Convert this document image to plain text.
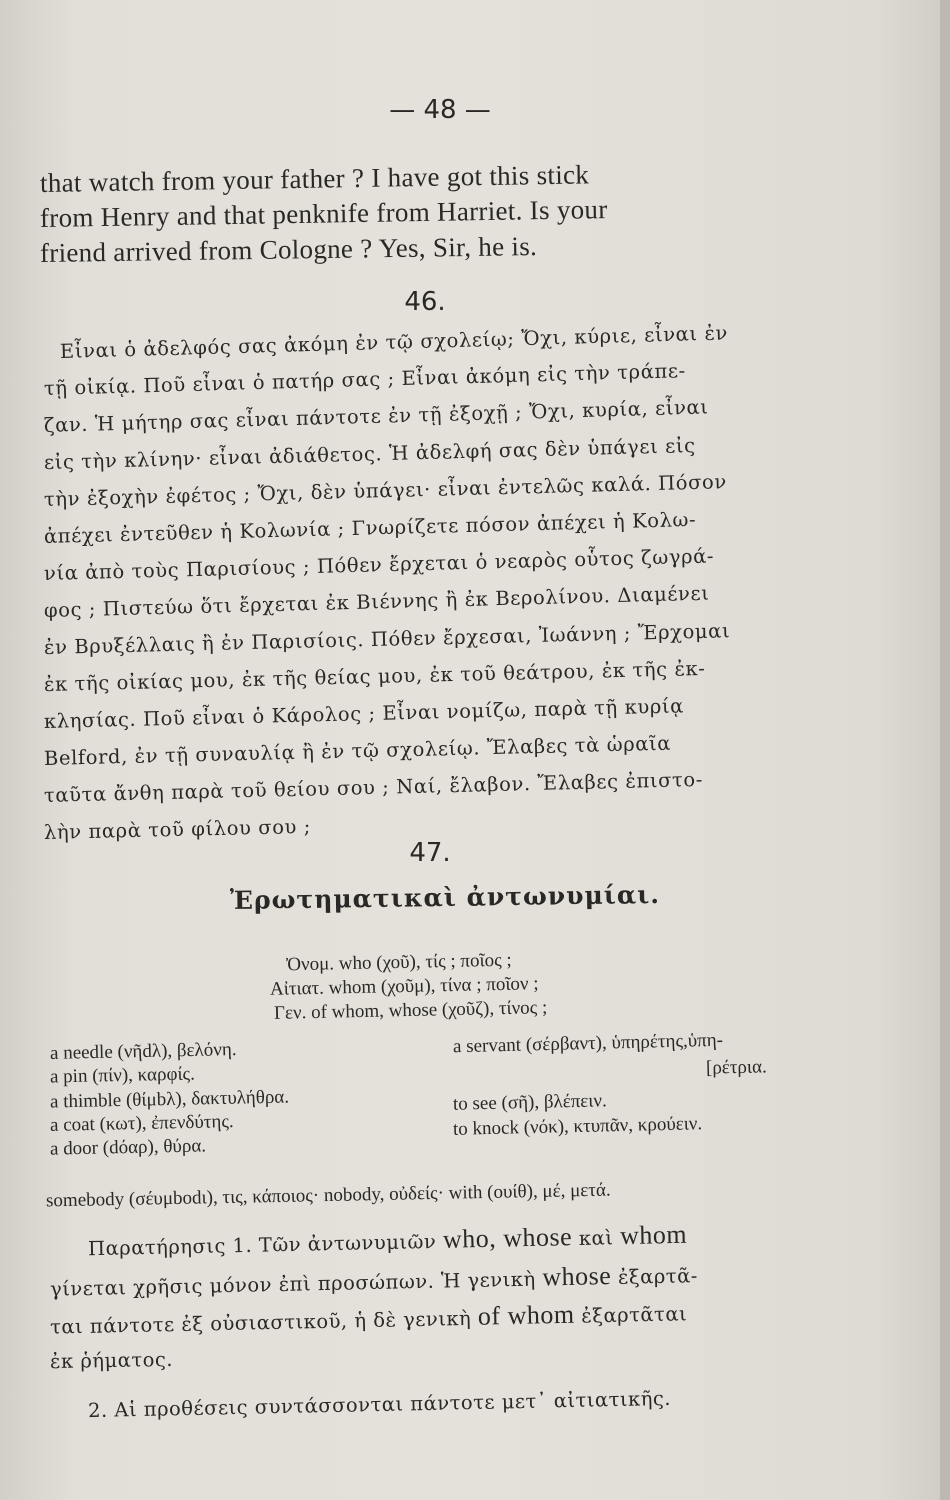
— 48 —
that watch from your father ? I have got this stick
from Henry and that penknife from Harriet. Is your
friend arrived from Cologne ? Yes, Sir, he is.
46.
Εἶναι ὁ ἀδελφός σας ἀκόμη ἐν τῷ σχολείῳ; Ὄχι, κύριε, εἶναι ἐν
τῇ οἰκίᾳ. Ποῦ εἶναι ὁ πατήρ σας ; Εἶναι ἀκόμη εἰς τὴν τράπε-
ζαν. Ἡ μήτηρ σας εἶναι πάντοτε ἐν τῇ ἐξοχῇ ; Ὄχι, κυρία, εἶναι
εἰς τὴν κλίνην· εἶναι ἀδιάθετος. Ἡ ἀδελφή σας δὲν ὑπάγει εἰς
τὴν ἐξοχὴν ἐφέτος ; Ὄχι, δὲν ὑπάγει· εἶναι ἐντελῶς καλά. Πόσον
ἀπέχει ἐντεῦθεν ἡ Κολωνία ; Γνωρίζετε πόσον ἀπέχει ἡ Κολω-
νία ἀπὸ τοὺς Παρισίους ; Πόθεν ἔρχεται ὁ νεαρὸς οὗτος ζωγρά-
φος ; Πιστεύω ὅτι ἔρχεται ἐκ Βιέννης ἢ ἐκ Βερολίνου. Διαμένει
ἐν Βρυξέλλαις ἢ ἐν Παρισίοις. Πόθεν ἔρχεσαι, Ἰωάννη ; Ἔρχομαι
ἐκ τῆς οἰκίας μου, ἐκ τῆς θείας μου, ἐκ τοῦ θεάτρου, ἐκ τῆς ἐκ-
κλησίας. Ποῦ εἶναι ὁ Κάρολος ; Εἶναι νομίζω, παρὰ τῇ κυρίᾳ
Belford, ἐν τῇ συναυλίᾳ ἢ ἐν τῷ σχολείῳ. Ἔλαβες τὰ ὡραῖα
ταῦτα ἄνθη παρὰ τοῦ θείου σου ; Ναί, ἔλαβον. Ἔλαβες ἐπιστο-
λὴν παρὰ τοῦ φίλου σου ;
47.
Ἐρωτηματικαὶ ἀντωνυμίαι.
Ὀνομ. who (χοῦ), τίς ; ποῖος ;
Αἰτιατ. whom (χοῦμ), τίνα ; ποῖον ;
Γεν. of whom, whose (χοῦζ), τίνος ;
a needle (νῆdλ), βελόνη.
a pin (πίν), καρφίς.
a thimble (θίμbλ), δακτυλήθρα.
a coat (κωτ), ἐπενδύτης.
a door (dόαρ), θύρα.
a servant (σέρβαντ), ὑπηρέτης,ὑπη-
[ρέτρια.
to see (σῆ), βλέπειν.
to knock (νόκ), κτυπᾶν, κρούειν.
somebody (σέυμbodι), τις, κάποιος· nobody, οὐδείς· with (ουίθ), μέ, μετά.
Παρατήρησις 1. Τῶν ἀντωνυμιῶν who, whose καὶ whom
γίνεται χρῆσις μόνον ἐπὶ προσώπων. Ἡ γενικὴ whose ἐξαρτᾶ-
ται πάντοτε ἐξ οὐσιαστικοῦ, ἡ δὲ γενικὴ of whom ἐξαρτᾶται
ἐκ ῥήματος.
2. Αἱ προθέσεις συντάσσονται πάντοτε μετ᾽ αἰτιατικῆς.
